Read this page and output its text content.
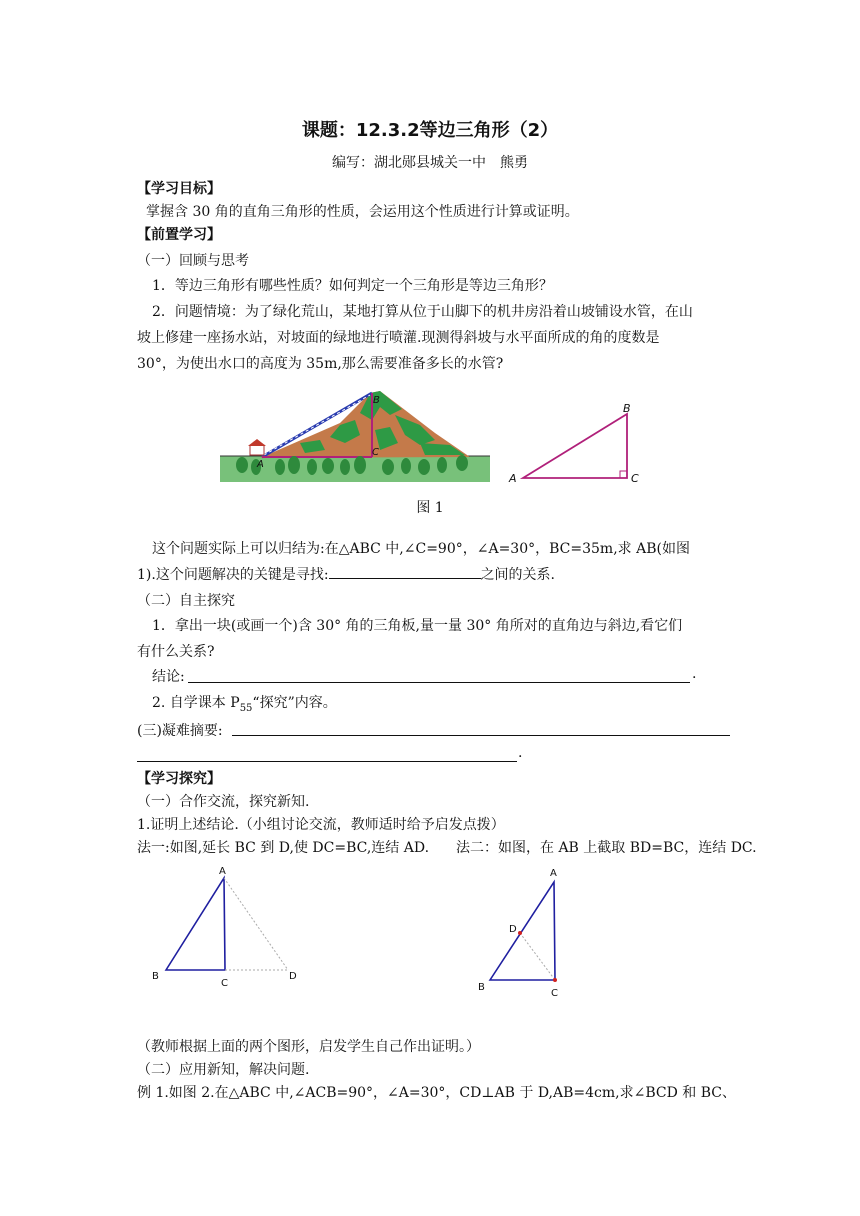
课题：12.3.2等边三角形（2）
编写：湖北郧县城关一中　熊勇
【学习目标】
掌握含 30 角的直角三角形的性质，会运用这个性质进行计算或证明。
【前置学习】
（一）回顾与思考
1．等边三角形有哪些性质？如何判定一个三角形是等边三角形？
2．问题情境：为了绿化荒山，某地打算从位于山脚下的机井房沿着山坡铺设水管，在山
坡上修建一座扬水站，对坡面的绿地进行喷灌.现测得斜坡与水平面所成的角的度数是
30°，为使出水口的高度为 35m,那么需要准备多长的水管?
A
B
C
A
B
C
图 1
这个问题实际上可以归结为:在△ABC 中,∠C=90°，∠A=30°，BC=35m,求 AB(如图
1).这个问题解决的关键是寻找:	之间的关系.
（二）自主探究
1．拿出一块(或画一个)含 30° 角的三角板,量一量 30° 角所对的直角边与斜边,看它们
有什么关系?
结论:	.
2. 自学课本 $P_{55}“$探究”内容。
(三)凝难摘要:
.
【学习探究】
（一）合作交流，探究新知.
1.证明上述结论.（小组讨论交流，教师适时给予启发点拨）
法一:如图,延长 BC 到 D,使 DC=BC,连结 AD. 法二：如图，在 AB 上截取 BD=BC，连结 DC.
A
B
C
D
A
B
C
D
（教师根据上面的两个图形，启发学生自己作出证明。）
（二）应用新知，解决问题.
例 1.如图 2.在△ABC 中,∠ACB=90°，∠A=30°，CD⊥AB 于 D,AB=4cm,求∠BCD 和 BC、
